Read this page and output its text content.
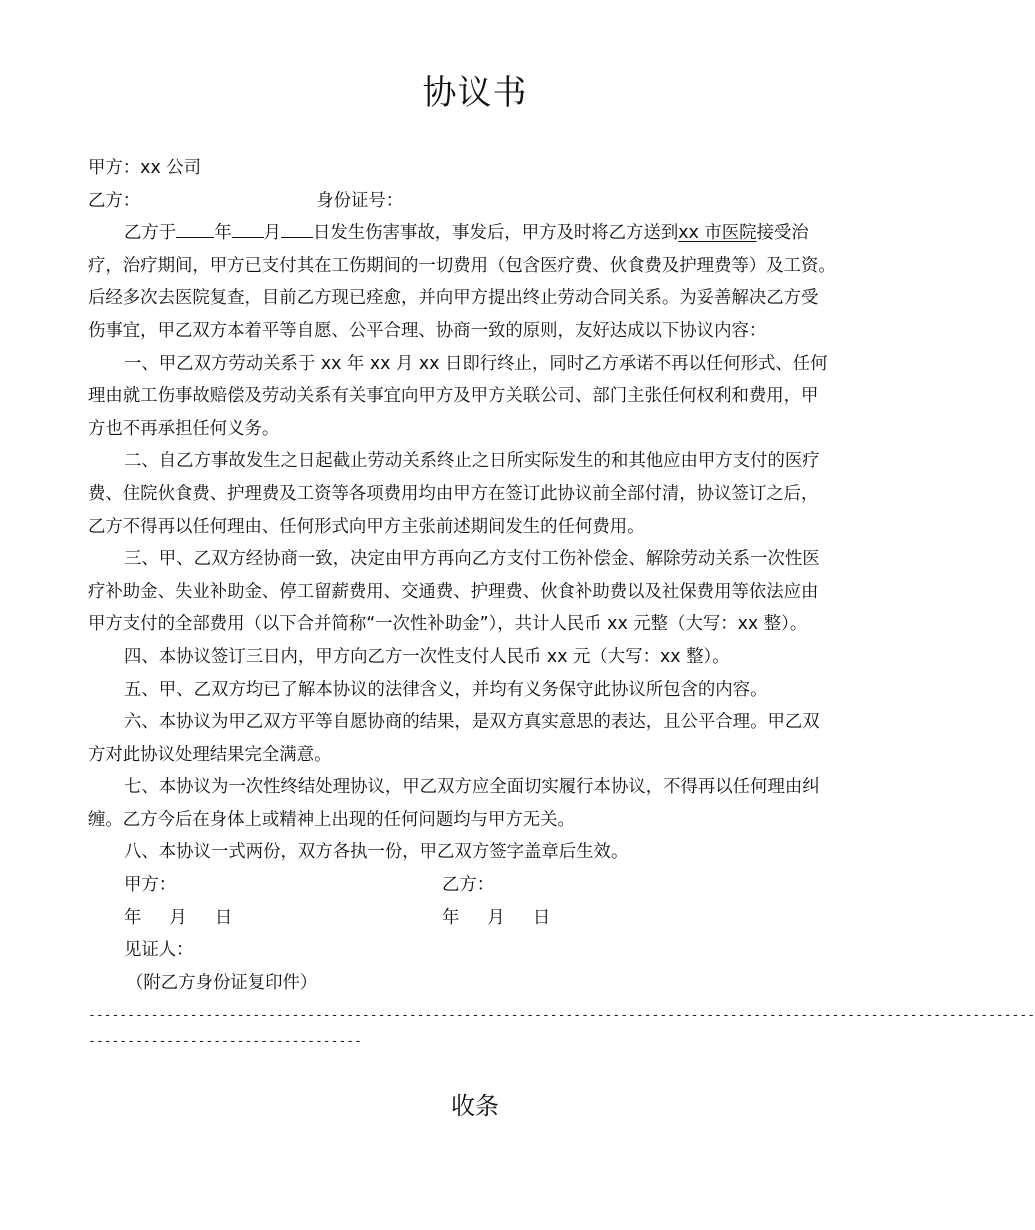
协议书
甲方：xx 公司
乙方：	身份证号：
乙方于 年 月 日发生伤害事故，事发后，甲方及时将乙方送到xx 市医院接受治
疗，治疗期间，甲方已支付其在工伤期间的一切费用（包含医疗费、伙食费及护理费等）及工资。
后经多次去医院复查，目前乙方现已痊愈，并向甲方提出终止劳动合同关系。为妥善解决乙方受
伤事宜，甲乙双方本着平等自愿、公平合理、协商一致的原则，友好达成以下协议内容：
一、甲乙双方劳动关系于 xx 年 xx 月 xx 日即行终止，同时乙方承诺不再以任何形式、任何
理由就工伤事故赔偿及劳动关系有关事宜向甲方及甲方关联公司、部门主张任何权利和费用，甲
方也不再承担任何义务。
二、自乙方事故发生之日起截止劳动关系终止之日所实际发生的和其他应由甲方支付的医疗
费、住院伙食费、护理费及工资等各项费用均由甲方在签订此协议前全部付清，协议签订之后，
乙方不得再以任何理由、任何形式向甲方主张前述期间发生的任何费用。
三、甲、乙双方经协商一致，决定由甲方再向乙方支付工伤补偿金、解除劳动关系一次性医
疗补助金、失业补助金、停工留薪费用、交通费、护理费、伙食补助费以及社保费用等依法应由
甲方支付的全部费用（以下合并简称“一次性补助金”），共计人民币 xx 元整（大写：xx 整）。
四、本协议签订三日内，甲方向乙方一次性支付人民币 xx 元（大写：xx 整）。
五、甲、乙双方均已了解本协议的法律含义，并均有义务保守此协议所包含的内容。
六、本协议为甲乙双方平等自愿协商的结果，是双方真实意思的表达，且公平合理。甲乙双
方对此协议处理结果完全满意。
七、本协议为一次性终结处理协议，甲乙双方应全面切实履行本协议，不得再以任何理由纠
缠。乙方今后在身体上或精神上出现的任何问题均与甲方无关。
八、本协议一式两份，双方各执一份，甲乙双方签字盖章后生效。
甲方：	乙方：
年 月 日	年 月 日
见证人：
（附乙方身份证复印件）
-------------------------------------------------------------------------------------------------------------------------
-----------------------------------
收条
